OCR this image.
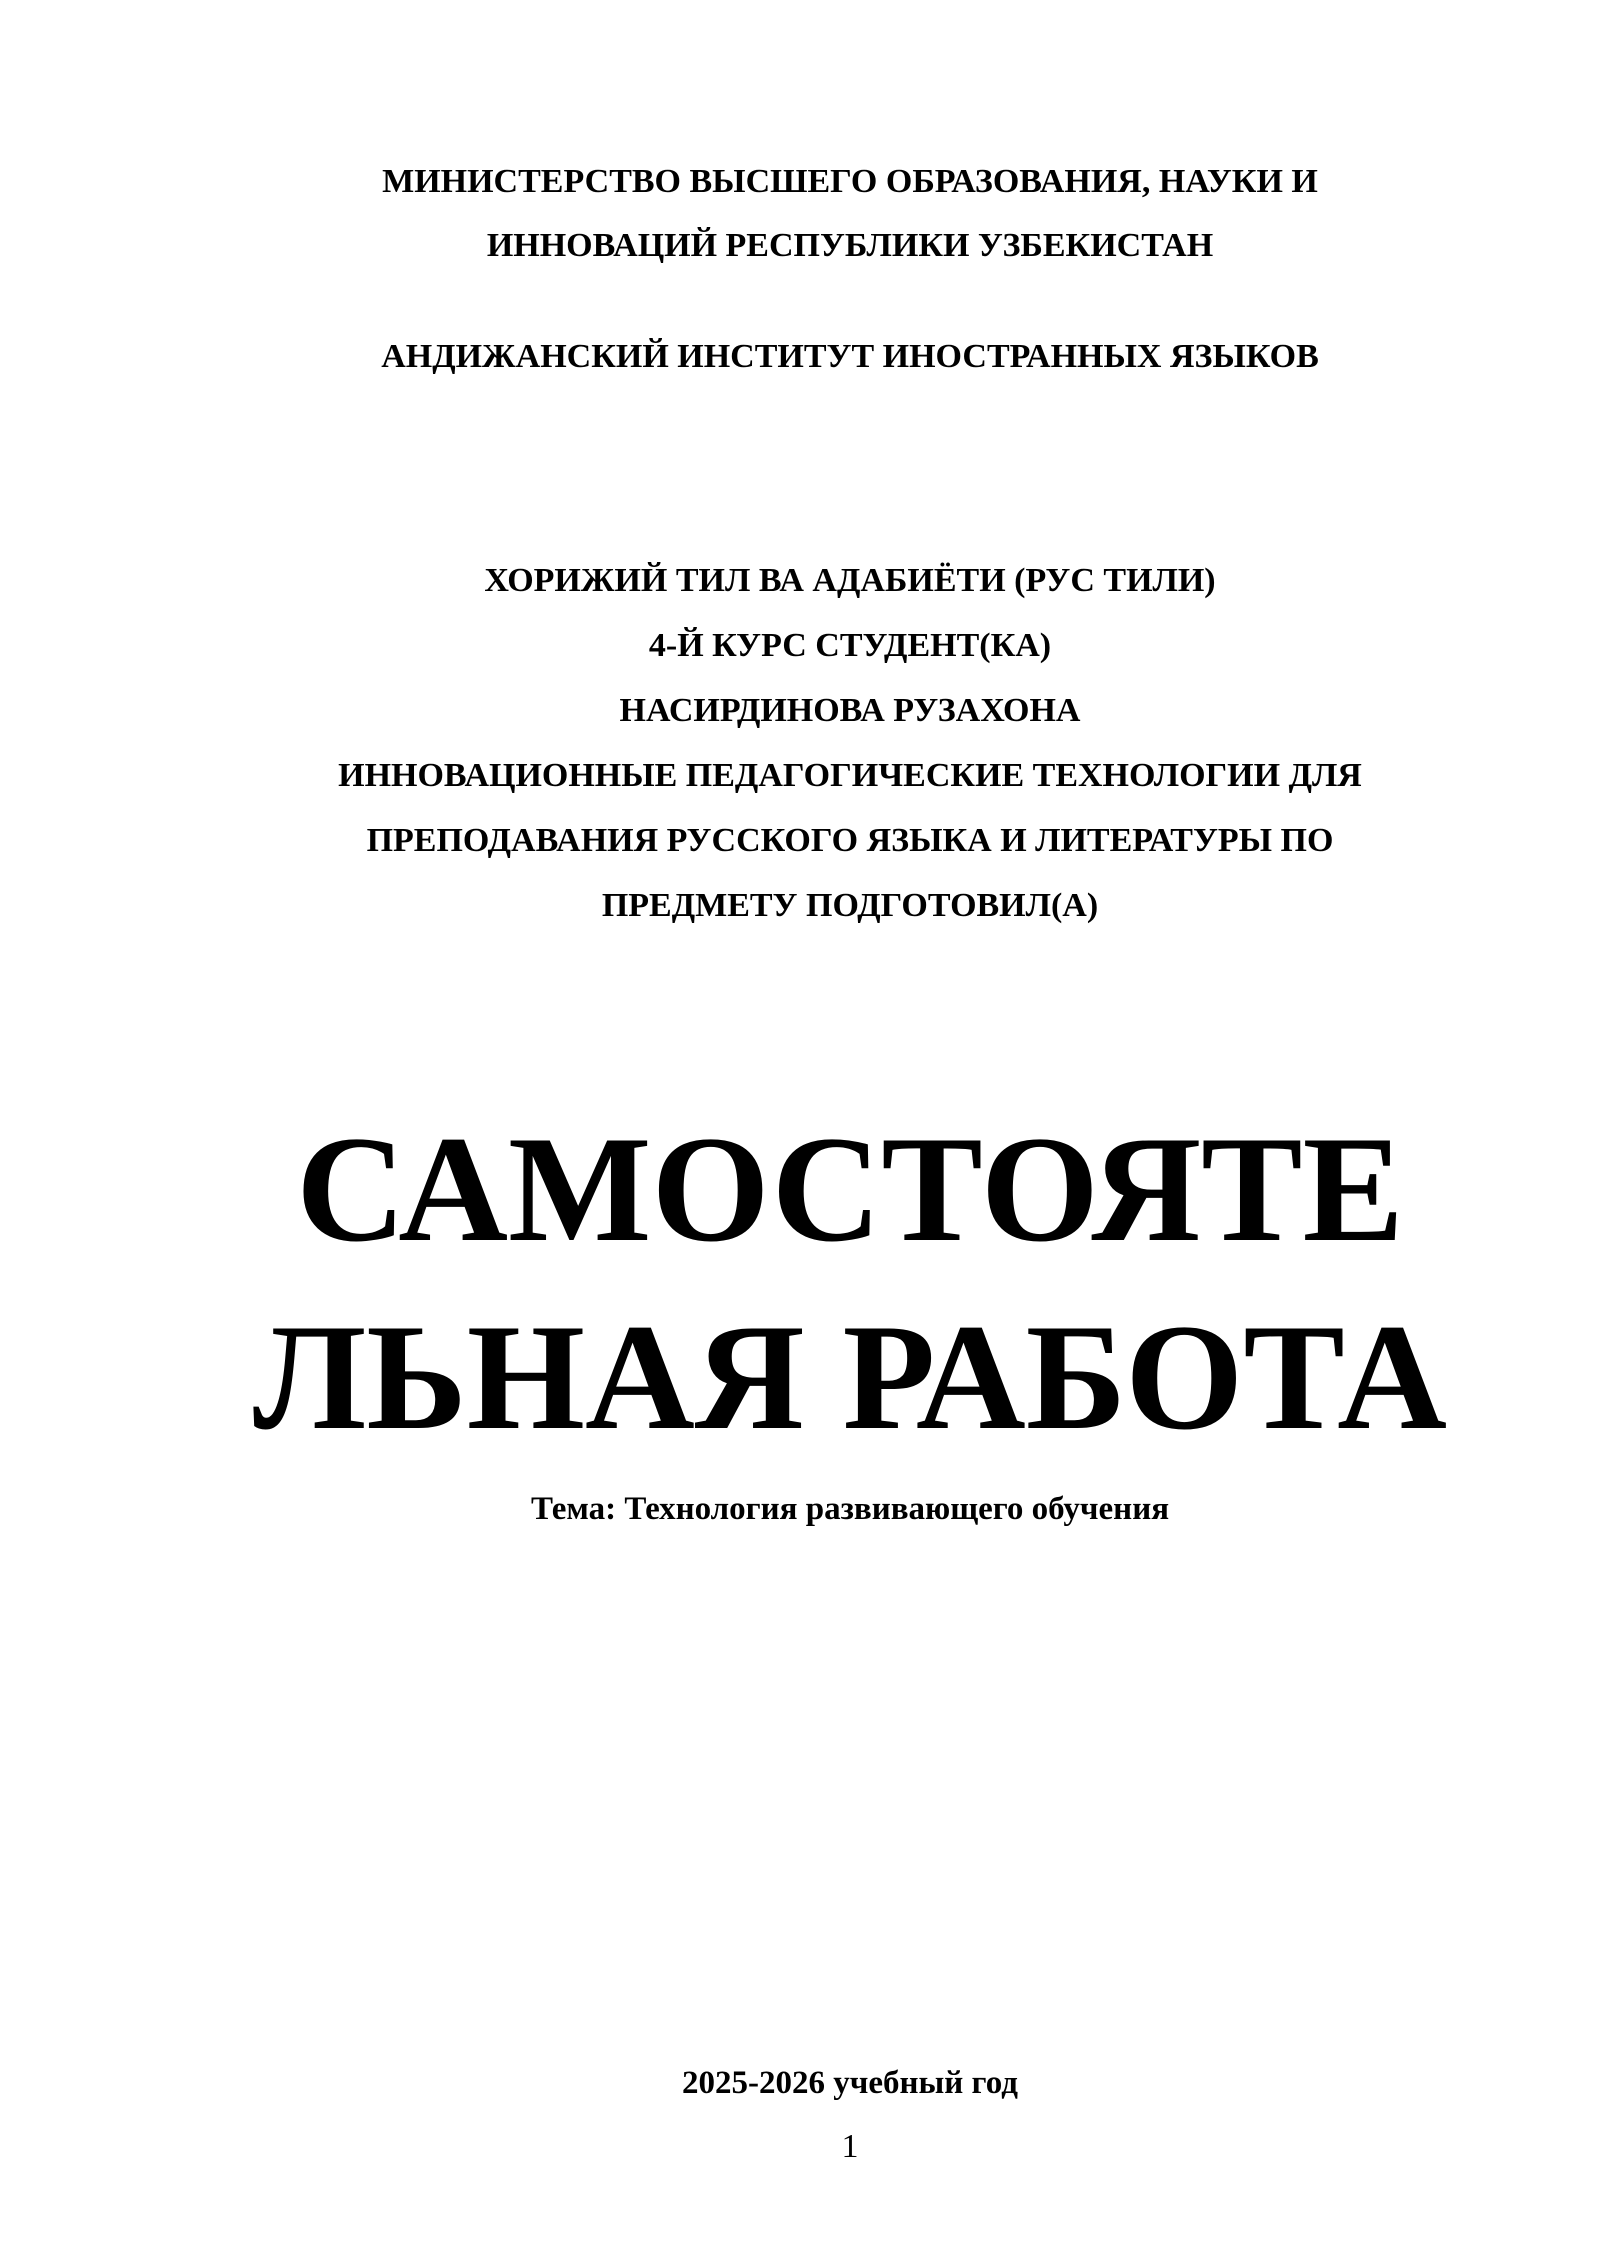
МИНИСТЕРСТВО ВЫСШЕГО ОБРАЗОВАНИЯ, НАУКИ И
ИННОВАЦИЙ РЕСПУБЛИКИ УЗБЕКИСТАН
АНДИЖАНСКИЙ ИНСТИТУТ ИНОСТРАННЫХ ЯЗЫКОВ
ХОРИЖИЙ ТИЛ ВА АДАБИЁТИ (РУС ТИЛИ)
4-Й КУРС СТУДЕНТ(КА)
НАСИРДИНОВА РУЗАХОНА
ИННОВАЦИОННЫЕ ПЕДАГОГИЧЕСКИЕ ТЕХНОЛОГИИ ДЛЯ
ПРЕПОДАВАНИЯ РУССКОГО ЯЗЫКА И ЛИТЕРАТУРЫ ПО
ПРЕДМЕТУ ПОДГОТОВИЛ(А)
САМОСТОЯТЕ
ЛЬНАЯ РАБОТА
Тема: Технология развивающего обучения
2025-2026 учебный год
1
